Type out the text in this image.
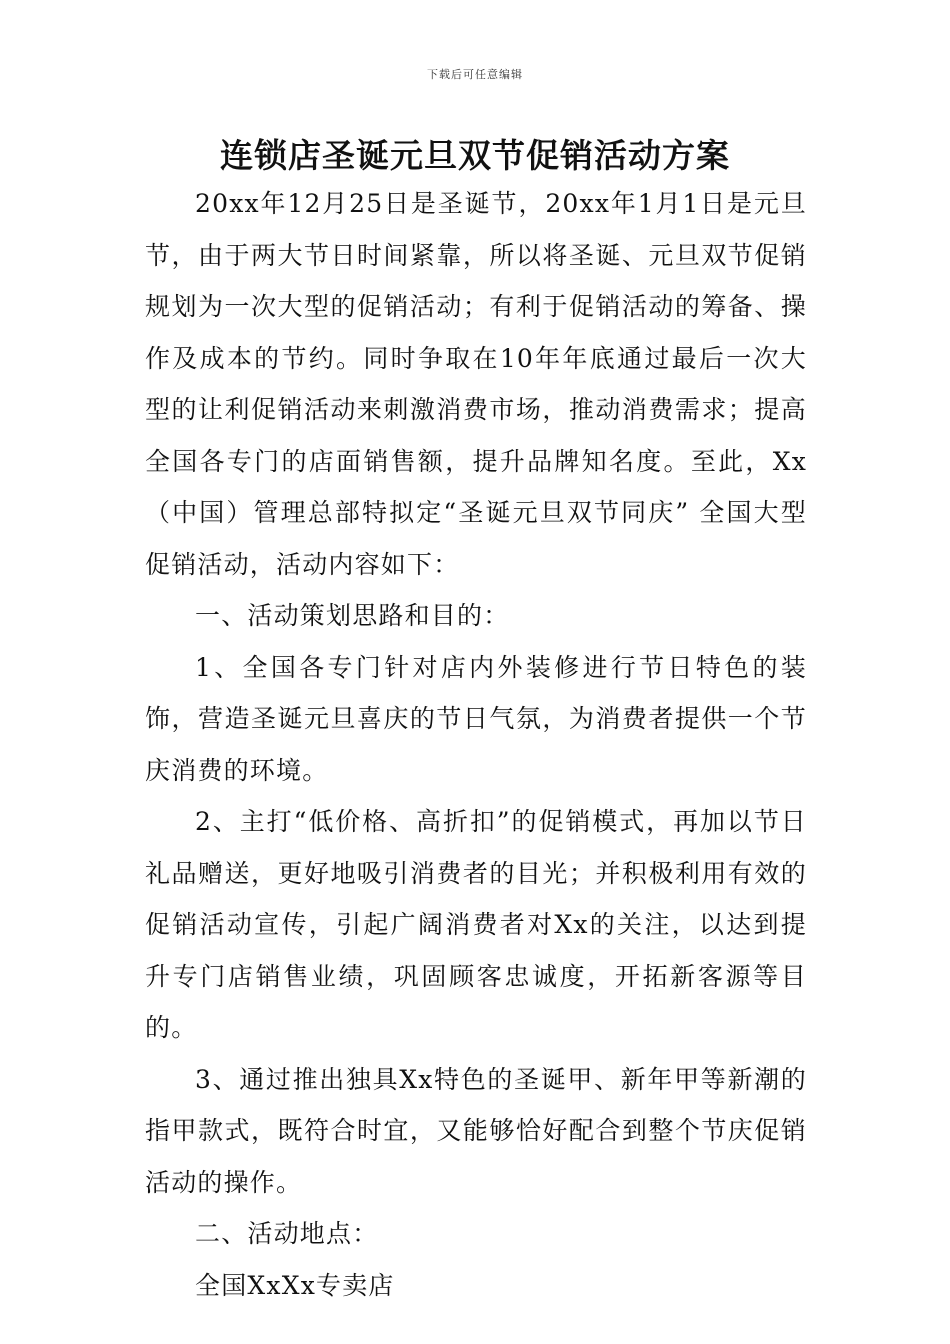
下载后可任意编辑
连锁店圣诞元旦双节促销活动方案

20xx年12月25日是圣诞节，20xx年1月1日是元旦节，由于两大节日时间紧靠，所以将圣诞、元旦双节促销规划为一次大型的促销活动；有利于促销活动的筹备、操作及成本的节约。同时争取在10年年底通过最后一次大型的让利促销活动来刺激消费市场，推动消费需求；提高全国各专门的店面销售额，提升品牌知名度。至此，Xx（中国）管理总部特拟定“圣诞元旦双节同庆” 全国大型促销活动，活动内容如下：

一、活动策划思路和目的：

1、全国各专门针对店内外装修进行节日特色的装饰，营造圣诞元旦喜庆的节日气氛，为消费者提供一个节庆消费的环境。

2、主打“低价格、高折扣”的促销模式，再加以节日礼品赠送，更好地吸引消费者的目光；并积极利用有效的促销活动宣传，引起广阔消费者对Xx的关注，以达到提升专门店销售业绩，巩固顾客忠诚度，开拓新客源等目的。

3、通过推出独具Xx特色的圣诞甲、新年甲等新潮的指甲款式，既符合时宜，又能够恰好配合到整个节庆促销活动的操作。

二、活动地点：

全国XxXx专卖店
